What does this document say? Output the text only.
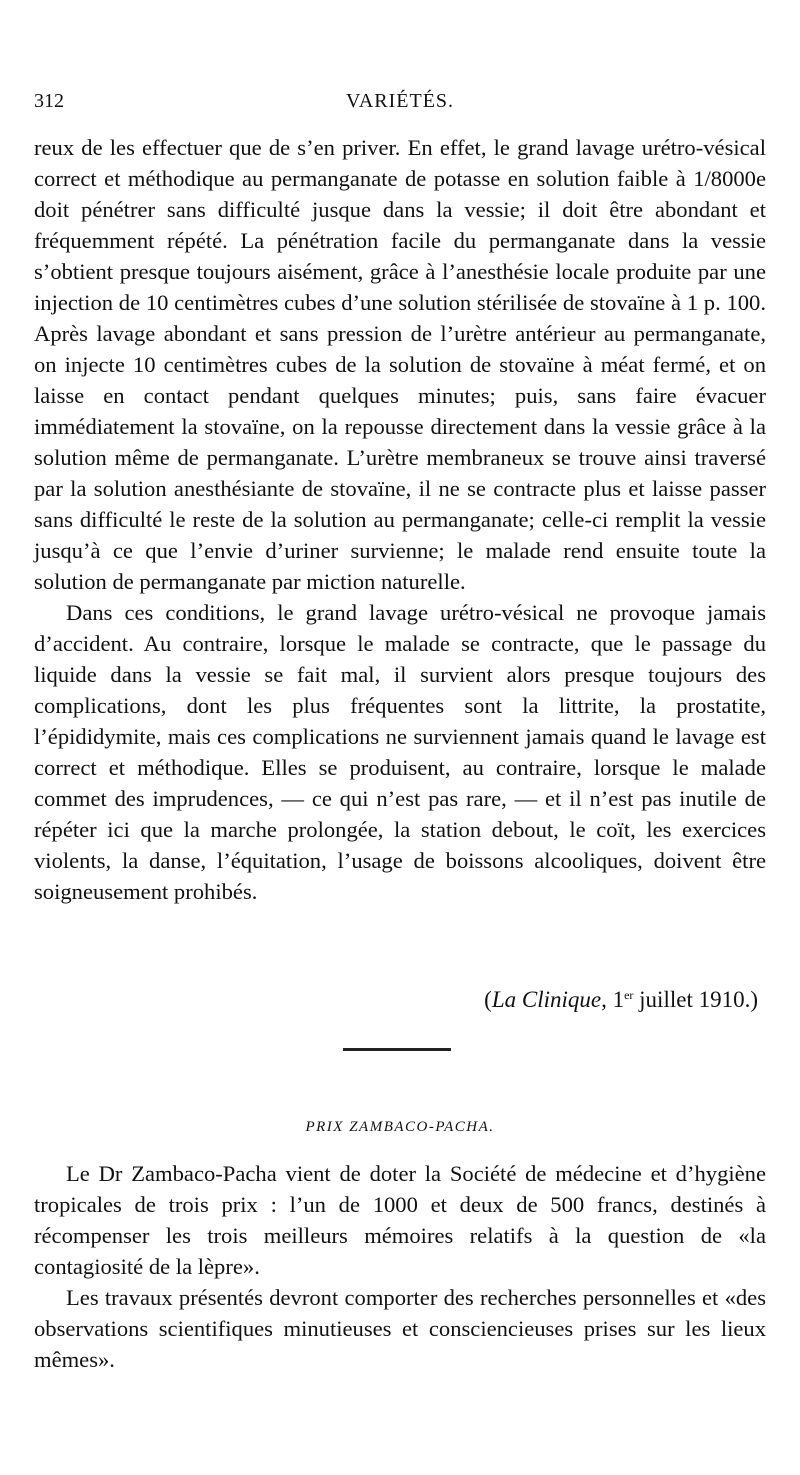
312	VARIÉTÉS.

reux de les effectuer que de s’en priver. En effet, le grand lavage urétro-vésical correct et méthodique au permanganate de potasse en solution faible à 1/8000e doit pénétrer sans difficulté jusque dans la vessie; il doit être abondant et fréquemment répété. La pénétration facile du permanganate dans la vessie s’obtient presque toujours aisément, grâce à l’anesthésie locale produite par une injection de 10 centimètres cubes d’une solution stérilisée de stovaïne à 1 p. 100. Après lavage abondant et sans pression de l’urètre antérieur au permanganate, on injecte 10 centimètres cubes de la solution de stovaïne à méat fermé, et on laisse en contact pendant quelques minutes; puis, sans faire évacuer immédiatement la stovaïne, on la repousse directement dans la vessie grâce à la solution même de permanganate. L’urètre membraneux se trouve ainsi traversé par la solution anesthésiante de stovaïne, il ne se contracte plus et laisse passer sans difficulté le reste de la solution au permanganate; celle-ci remplit la vessie jusqu’à ce que l’envie d’uriner survienne; le malade rend ensuite toute la solution de permanganate par miction naturelle.

Dans ces conditions, le grand lavage urétro-vésical ne provoque jamais d’accident. Au contraire, lorsque le malade se contracte, que le passage du liquide dans la vessie se fait mal, il survient alors presque toujours des complications, dont les plus fréquentes sont la littrite, la prostatite, l’épididymite, mais ces complications ne surviennent jamais quand le lavage est correct et méthodique. Elles se produisent, au contraire, lorsque le malade commet des imprudences, — ce qui n’est pas rare, — et il n’est pas inutile de répéter ici que la marche prolongée, la station debout, le coït, les exercices violents, la danse, l’équitation, l’usage de boissons alcooliques, doivent être soigneusement prohibés.

(La Clinique, 1er juillet 1910.)
PRIX ZAMBACO-PACHA.

Le Dr Zambaco-Pacha vient de doter la Société de médecine et d’hygiène tropicales de trois prix : l’un de 1000 et deux de 500 francs, destinés à récompenser les trois meilleurs mémoires relatifs à la question de «la contagiosité de la lèpre».

Les travaux présentés devront comporter des recherches personnelles et «des observations scientifiques minutieuses et consciencieuses prises sur les lieux mêmes».
